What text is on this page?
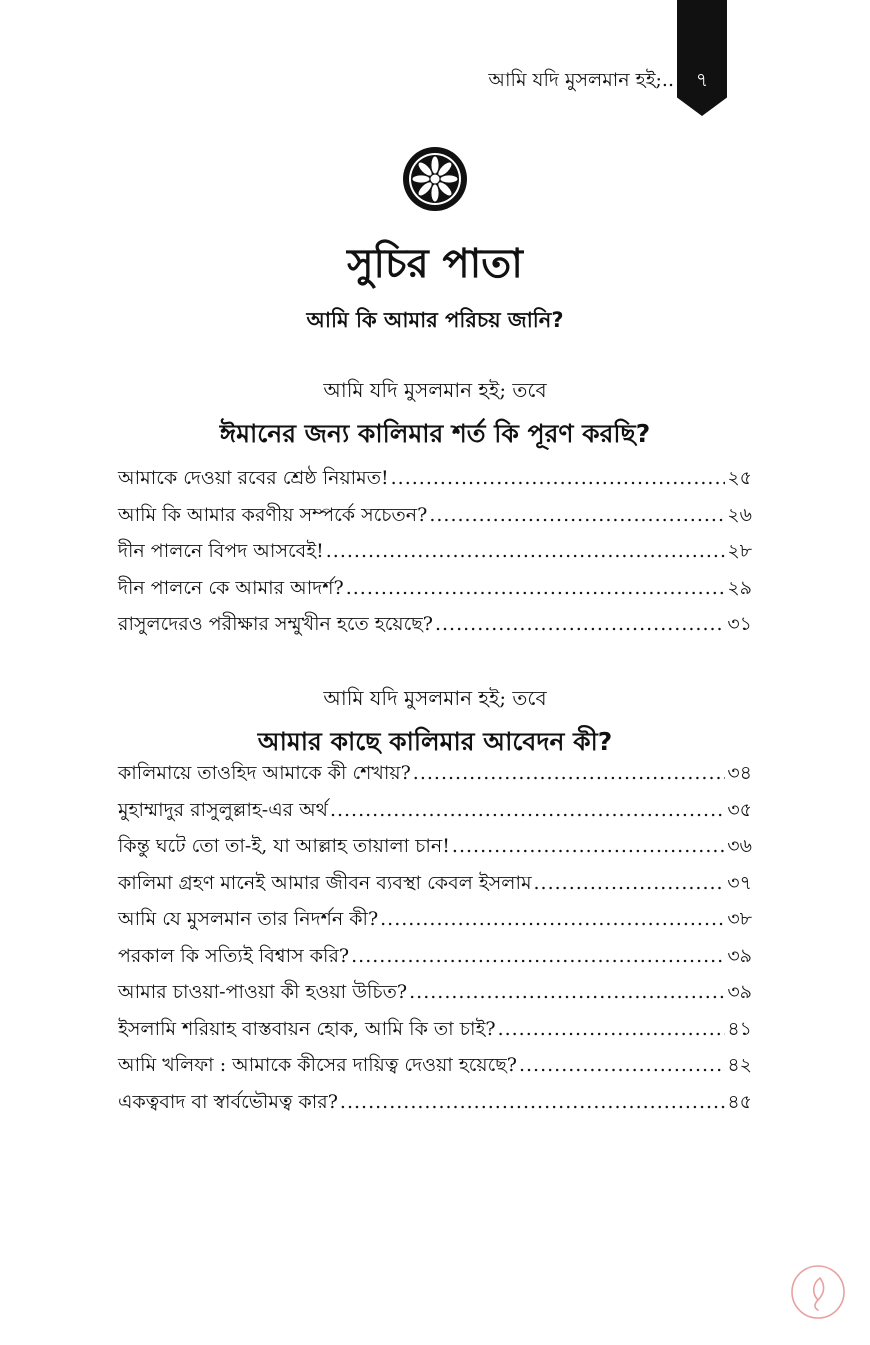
আমি যদি মুসলমান হই;..	৭
সুচির পাতা
আমি কি আমার পরিচয় জানি?
আমি যদি মুসলমান হই; তবে
ঈমানের জন্য কালিমার শর্ত কি পূরণ করছি?
আমাকে দেওয়া রবের শ্রেষ্ঠ নিয়ামত! .....	২৫
আমি কি আমার করণীয় সম্পর্কে সচেতন? .....	২৬
দীন পালনে বিপদ আসবেই! .....	২৮
দীন পালনে কে আমার আদর্শ? .....	২৯
রাসুলদেরও পরীক্ষার সম্মুখীন হতে হয়েছে? .....	৩১
আমি যদি মুসলমান হই; তবে
আমার কাছে কালিমার আবেদন কী?
কালিমায়ে তাওহিদ আমাকে কী শেখায়? .....	৩৪
মুহাম্মাদুর রাসুলুল্লাহ-এর অর্থ .....	৩৫
কিন্তু ঘটে তো তা-ই, যা আল্লাহ তায়ালা চান! .....	৩৬
কালিমা গ্রহণ মানেই আমার জীবন ব্যবস্থা কেবল ইসলাম .....	৩৭
আমি যে মুসলমান তার নিদর্শন কী? .....	৩৮
পরকাল কি সত্যিই বিশ্বাস করি? .....	৩৯
আমার চাওয়া-পাওয়া কী হওয়া উচিত? .....	৩৯
ইসলামি শরিয়াহ বাস্তবায়ন হোক, আমি কি তা চাই? .....	৪১
আমি খলিফা : আমাকে কীসের দায়িত্ব দেওয়া হয়েছে? .....	৪২
একত্ববাদ বা স্বার্বভৌমত্ব কার? .....	৪৫
